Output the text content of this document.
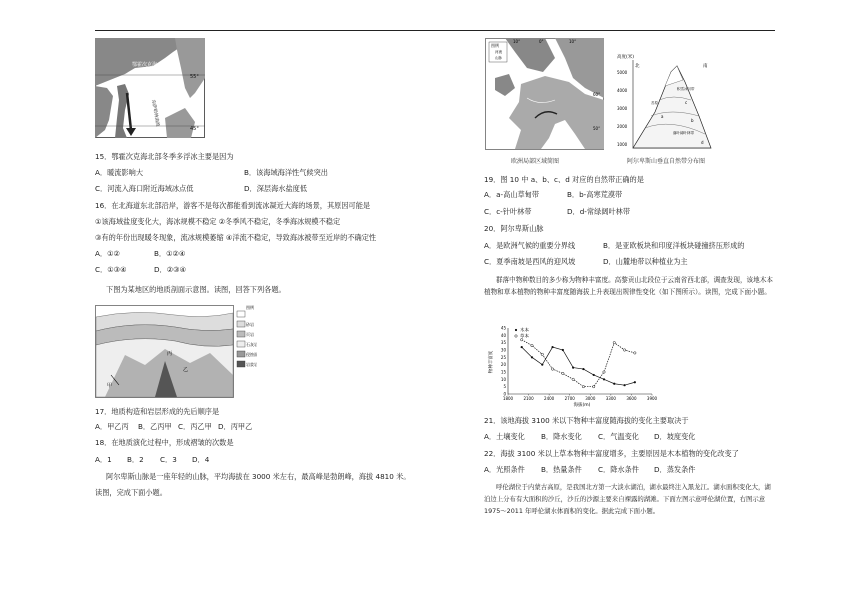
鄂霍次克海
东萨哈林海流
55°
45°
15．鄂霍次克海北部冬季多浮冰主要是因为
A．暖流影响大	B．该海域海洋性气候突出
C．河流入海口附近海域冰点低	D．深层海水盐度低
16．在北海道东北部沿岸，游客不是每次都能看到流冰凝近大海的场景，其原因可能是
①该海域盐度变化大，海冰规模不稳定 ②冬季风不稳定，冬季海冰规模不稳定
③有的年份出现暖冬现象，流冰规模萎缩 ④洋流不稳定，导致海冰被带至近岸的不确定性
A．①②	B．①②④
C．①③④	D．②③④
下图为某地区的地质剖面示意图。读图，回答下列各题。
甲
乙
丙
图例
砂岩
页岩
石灰岩
侵蚀面
岩浆岩
17．地质构造和岩层形成的先后顺序是
A．甲乙丙 B．乙丙甲 C．丙乙甲 D．丙甲乙
18．在地质演化过程中，形成褶皱的次数是
A．1 B．2 C．3 D．4
阿尔卑斯山脉是一座年轻的山脉，平均海拔在 3000 米左右，最高峰是勃朗峰，海拔 4810 米。
读图，完成下面小题。
图例
河流
山脉
10°	0°	10°
60°
50°
欧洲局部区域简图
高度(米)
北	南
5000
4000
3000
2000
1000
积雪冰川带
苔原	c
落叶阔叶林带
a
b
d
阿尔卑斯山垂直自然带分布图
19．图 10 中 a、b、c、d 对应的自然带正确的是
A．a-高山草甸带	B．b-高寒荒漠带
C．c-针叶林带	D．d-常绿阔叶林带
20．阿尔卑斯山脉
A．是欧洲气候的重要分界线	B．是亚欧板块和印度洋板块碰撞挤压形成的
C．夏季南坡是西风的迎风坡	D．山麓地带以种植业为主
群落中物种数目的多少称为物种丰富度。高黎贡山北段位于云南省西北部，调查发现，该地木本植物和草本植物的物种丰富度随海拔上升表现出规律性变化（如下图所示）。读图，完成下面小题。
0
5
10
15
20
25
30
35
40
45
1800	2100	2400	2700	3000	3300	3600	3900
木本
草本
物种丰富度
海拔(m)
21．该地海拔 3100 米以下物种丰富度随海拔的变化主要取决于
A．土壤变化 B．降水变化 C．气温变化 D．坡度变化
22．海拔 3100 米以上草本物种丰富度增多，主要原因是木本植物的变化改变了
A．光照条件 B．热量条件 C．降水条件 D．蒸发条件
呼伦湖位于内蒙古高原，是我国北方第一大淡水湖泊，湖水最终注入黑龙江。湖水面积变化大，湖泊边上分布有大面积的沙丘，沙丘的沙源主要来自裸露的湖滩。下面左图示意呼伦湖位置，右图示意 1975～2011 年呼伦湖水体面积的变化。据此完成下面小题。
